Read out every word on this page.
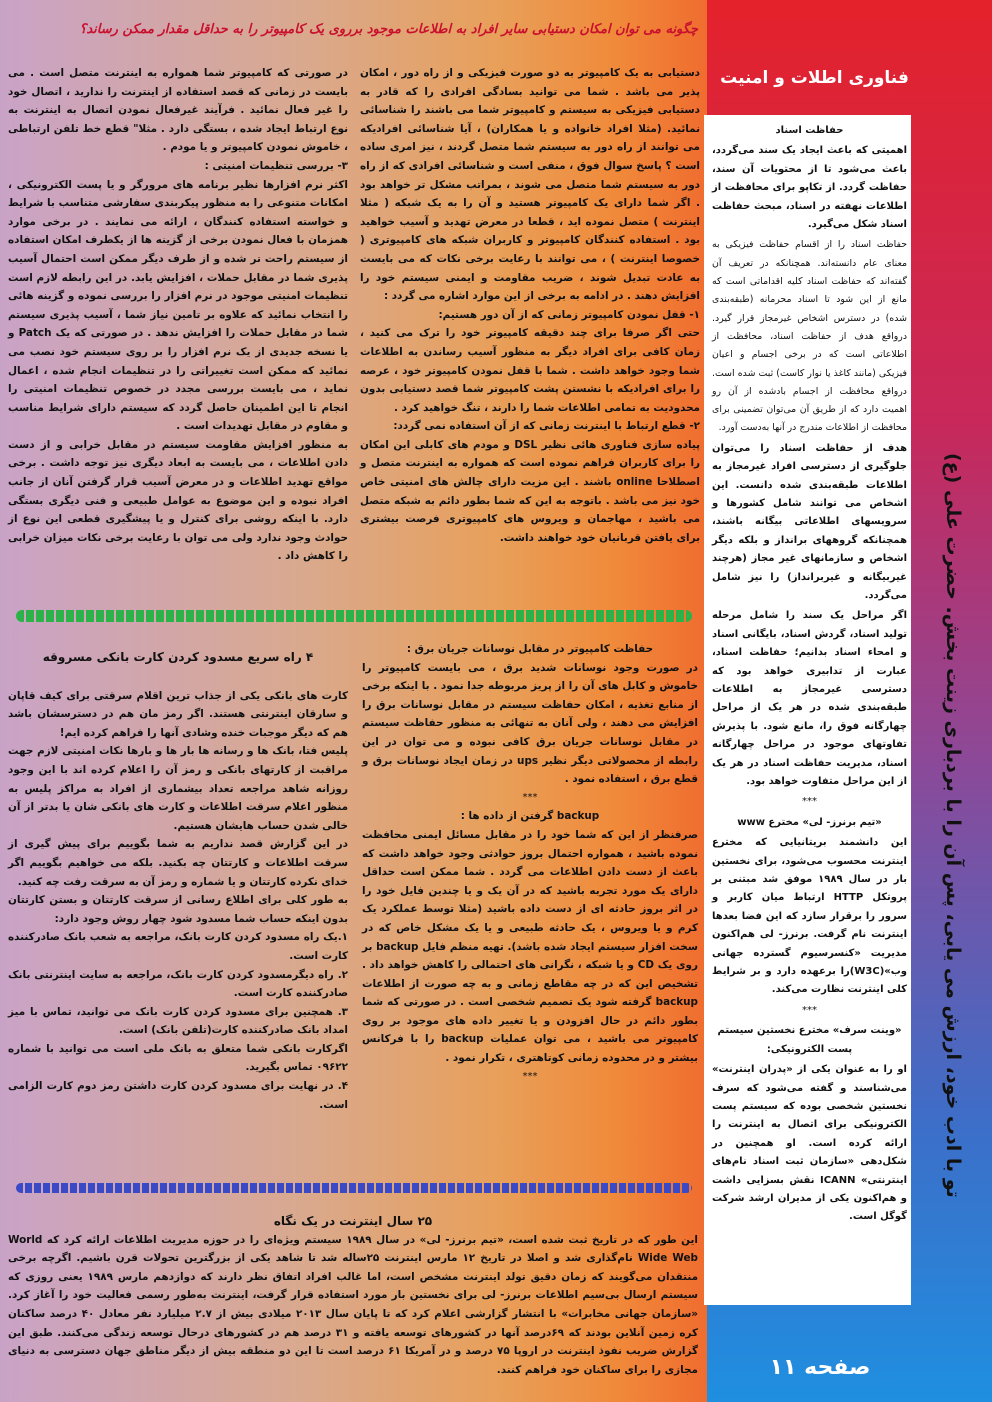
چگونه می توان امکان دستیابی سایر افراد به اطلاعات موجود برروی یک کامپیوتر را به حداقل مقدار ممکن رساند؟
فناوری اطلات و امنیت

حفاظت اسناد

اهمیتی که باعث ایجاد یک سند می‌گردد، باعث می‌شود تا از محتویات آن سند، حفاظت گردد. از تکاپو برای محافظت از اطلاعات نهفته در اسناد، مبحث حفاظت اسناد شکل می‌گیرد.

حفاظت اسناد را از اقسام حفاظت فیزیکی به معنای عام دانسته‌اند. همچنانکه در تعریف آن گفته‌اند که حفاظت اسناد کلیه اقداماتی است که مانع از این شود تا اسناد محرمانه (طبقه‌بندی شده) در دسترس اشخاص غیرمجاز قرار گیرد. درواقع هدف از حفاظت اسناد، محافظت از اطلاعاتی است که در برخی اجسام و اعیان فیزیکی (مانند کاغذ یا نوار کاست) ثبت شده است. درواقع محافظت از اجسام بادشده از آن رو اهمیت دارد که از طریق آن می‌توان تضمینی برای محافظت از اطلاعات مندرج در آنها به‌دست آورد.

هدف از حفاظت اسناد را می‌توان جلوگیری از دسترسی افراد غیرمجاز به اطلاعات طبقه‌بندی شده دانست. این اشخاص می توانند شامل کشورها و سرویسهای اطلاعاتی بیگانه باشند، همچنانکه گروههای برانداز و بلکه دیگر اشخاص و سازمانهای غیر مجاز (هرچند غیربیگانه و غیربرانداز) را نیز شامل می‌گردد.

اگر مراحل یک سند را شامل مرحله تولید اسناد، گردش اسناد، بایگانی اسناد و امحاء اسناد بدانیم؛ حفاظت اسناد، عبارت از تدابیری خواهد بود که دسترسی غیرمجاز به اطلاعات طبقه‌بندی شده در هر یک از مراحل چهارگانه فوق را، مانع شود. با پذیرش تفاوتهای موجود در مراحل چهارگانه اسناد، مدیریت حفاظت اسناد در هر یک از این مراحل متفاوت خواهد بود.

***

«تیم برنرز- لی» مخترع www

این دانشمند بریتانیایی که مخترع اینترنت محسوب می‌شود، برای نخستین بار در سال ۱۹۸۹ موفق شد مبتنی بر پروتکل HTTP ارتباط میان کاربر و سرور را برقرار سازد که این فضا بعدها اینترنت نام گرفت. برنرز- لی هم‌اکنون مدیریت «کنسرسیوم گسترده جهانی وب»(W3C)را برعهده دارد و بر شرایط کلی اینترنت نظارت می‌کند.

***

«وینت سرف» مخترع نخستین سیستم پست الکترونیکی:

او را به عنوان یکی از «پدران اینترنت» می‌شناسند و گفته می‌شود که سرف نخستین شخصی بوده که سیستم پست الکترونیکی برای اتصال به اینترنت را ارائه کرده است. او همچنین در شکل‌دهی «سازمان ثبت اسناد نام‌های اینترنتی» ICANN نقش بسزایی داشت و هم‌اکنون یکی از مدیران ارشد شرکت گوگل است.

تو با ادب خود، ارزش می یابی، پس آن را با بردباری زینت بخش. حضرت علی (ع)
صفحه ۱۱

دستیابی به یک کامپیوتر به دو صورت فیزیکی و از راه دور ، امکان پذیر می باشد . شما می توانید بسادگی افرادی را که قادر به دستیابی فیزیکی به سیستم و کامپیوتر شما می باشند را شناسائی نمائید. (مثلا افراد خانواده و یا همکاران) ، آیا شناسائی افرادیکه می توانند از راه دور به سیستم شما متصل گردند ، نیز امری ساده است ؟ پاسخ سوال فوق ، منفی است و شناسائی افرادی که از راه دور به سیستم شما متصل می شوند ، بمراتب مشکل تر خواهد بود . اگر شما دارای یک کامپیوتر هستید و آن را به یک شبکه ( مثلا اینترنت ) متصل نموده اید ، قطعا در معرض تهدید و آسیب خواهید بود . استفاده کنندگان کامپیوتر و کاربران شبکه های کامپیوتری ( خصوصا اینترنت ) ، می توانند با رعایت برخی نکات که می بایست به عادت تبدیل شوند ، ضریب مقاومت و ایمنی سیستم خود را افزایش دهند . در ادامه به برخی از این موارد اشاره می گردد :

۱- قفل نمودن کامپیوتر زمانی که از آن دور هستیم:

حتی اگر صرفا برای چند دقیقه کامپیوتر خود را ترک می کنید ، زمان کافی برای افراد دیگر به منظور آسیب رساندن به اطلاعات شما وجود خواهد داشت . شما با قفل نمودن کامپیوتر خود ، عرصه را برای افرادیکه با نشستن پشت کامپیوتر شما قصد دستیابی بدون محدودیت به تمامی اطلاعات شما را دارند ، تنگ خواهید کرد .

۲- قطع ارتباط با اینترنت زمانی که از آن استفاده نمی گردد:

پیاده سازی فناوری هائی نظیر DSL و مودم های کابلی این امکان را برای کاربران فراهم نموده است که همواره به اینترنت متصل و اصطلاحا online باشند . این مزیت دارای چالش های امنیتی خاص خود نیز می باشد . باتوجه به این که شما بطور دائم به شبکه متصل می باشید ، مهاجمان و ویروس های کامپیوتری فرصت بیشتری برای یافتن قربانیان خود خواهند داشت.

در صورتی که کامپیوتر شما همواره به اینترنت متصل است . می بایست در زمانی که قصد استفاده از اینترنت را ندارید ، اتصال خود را غیر فعال نمائید . فرآیند غیرفعال نمودن اتصال به اینترنت به نوع ارتباط ایجاد شده ، بستگی دارد . مثلا" قطع خط تلفن ارتباطی ، خاموش نمودن کامپیوتر و یا مودم .

۳- بررسی تنظیمات امنیتی :

اکثر نرم افزارها نظیر برنامه های مرورگر و یا پست الکترونیکی ، امکانات متنوعی را به منظور پیکربندی سفارشی متناسب با شرایط و خواسته استفاده کنندگان ، ارائه می نمایند . در برخی موارد همزمان با فعال نمودن برخی از گزینه ها از یکطرف امکان استفاده از سیستم راحت تر شده و از طرف دیگر ممکن است احتمال آسیب پذیری شما در مقابل حملات ، افزایش یابد. در این رابطه لازم است تنظیمات امنیتی موجود در نرم افزار را بررسی نموده و گزینه هائی را انتخاب نمائید که علاوه بر تامین نیاز شما ، آسیب پذیری سیستم شما در مقابل حملات را افزایش ندهد . در صورتی که یک Patch و یا نسخه جدیدی از یک نرم افزار را بر روی سیستم خود نصب می نمائید که ممکن است تغییراتی را در تنظیمات انجام شده ، اعمال نماید ، می بایست بررسی مجدد در خصوص تنظیمات امنیتی را انجام تا این اطمینان حاصل گردد که سیستم دارای شرایط مناسب و مقاوم در مقابل تهدیدات است .

به منظور افزایش مقاومت سیستم در مقابل خرابی و از دست دادن اطلاعات ، می بایست به ابعاد دیگری نیز توجه داشت . برخی مواقع تهدید اطلاعات و در معرض آسیب قرار گرفتن آنان از جانب افراد نبوده و این موضوع به عوامل طبیعی و فنی دیگری بستگی دارد. با اینکه روشی برای کنترل و یا پیشگیری قطعی این نوع از حوادث وجود ندارد ولی می توان با رعایت برخی نکات میزان خرابی را کاهش داد .

حفاظت کامپیوتر در مقابل نوسانات جریان برق :

در صورت وجود نوسانات شدید برق ، می بایست کامپیوتر را خاموش و کابل های آن را از پریز مربوطه جدا نمود . با اینکه برخی از منابع تغذیه ، امکان حفاظت سیستم در مقابل نوسانات برق را افزایش می دهند ، ولی آنان به تنهائی به منظور حفاظت سیستم در مقابل نوسانات جریان برق کافی نبوده و می توان در این رابطه از محصولاتی دیگر نظیر ups در زمان ایجاد نوسانات برق و قطع برق ، استفاده نمود .

***

backup گرفتن از داده ها :

صرفنظر از این که شما خود را در مقابل مسائل ایمنی محافظت نموده باشید ، همواره احتمال بروز حوادثی وجود خواهد داشت که باعث از دست دادن اطلاعات می گردد . شما ممکن است حداقل دارای یک مورد تجربه باشید که در آن یک و یا چندین فایل خود را در اثر بروز حادثه ای از دست داده باشید (مثلا توسط عملکرد یک کرم و یا ویروس ، یک حادثه طبیعی و یا یک مشکل خاص که در سخت افزار سیستم ایجاد شده باشد). تهیه منظم فایل backup بر روی یک CD و یا شبکه ، نگرانی های احتمالی را کاهش خواهد داد . تشخیص این که در چه مقاطع زمانی و به چه صورت از اطلاعات backup گرفته شود یک تصمیم شخصی است . در صورتی که شما بطور دائم در حال افزودن و یا تغییر داده های موجود بر روی کامپیوتر می باشید ، می توان عملیات backup را با فرکانس بیشتر و در محدوده زمانی کوتاهتری ، تکرار نمود .

***

۴ راه سریع مسدود کردن کارت بانکی مسروقه

کارت های بانکی یکی از جذاب ترین اقلام سرقتی برای کیف قاپان و سارقان اینترنتی هستند. اگر رمز مان هم در دسترسشان باشد هم که دیگر موجبات خنده وشادی آنها را فراهم کرده ایم!

پلیس فتا، بانک ها و رسانه ها بار ها و بارها نکات امنیتی لازم جهت مراقبت از کارتهای بانکی و رمز آن را اعلام کرده اند با این وجود روزانه شاهد مراجعه تعداد بیشماری از افراد به مراکز پلیس به منظور اعلام سرقت اطلاعات و کارت های بانکی شان یا بدتر از آن خالی شدن حساب هایشان هستیم.

در این گزارش قصد نداریم به شما بگوییم برای پیش گیری از سرقت اطلاعات و کارتتان چه بکنید. بلکه می خواهیم بگوییم اگر خدای نکرده کارتتان و یا شماره و رمز آن به سرقت رفت چه کنید.

به طور کلی برای اطلاع رسانی از سرقت کارتتان و بستن کارتتان بدون اینکه حساب شما مسدود شود چهار روش وجود دارد:

۱.یک راه مسدود کردن کارت بانک، مراجعه به شعب بانک صادرکننده کارت است.

۲. راه دیگرمسدود کردن کارت بانک، مراجعه به سایت اینترنتی بانک صادرکننده کارت است.

۳. همچنین برای مسدود کردن کارت بانک می توانید، تماس با میز امداد بانک صادرکننده کارت(تلفن بانک) است.

اگرکارت بانکی شما متعلق به بانک ملی است می توانید با شماره ۰۹۶۲۲ تماس بگیرید.

۴. در نهایت برای مسدود کردن کارت داشتن رمز دوم کارت الزامی است.

۲۵ سال اینترنت در یک نگاه

این طور که در تاریخ ثبت شده است، «تیم برنرز- لی» در سال ۱۹۸۹ سیستم ویژه‌ای را در حوزه مدیریت اطلاعات ارائه کرد که World Wide Web نام‌گذاری شد و اصلا در تاریخ ۱۲ مارس اینترنت ۲۵ساله شد تا شاهد یکی از بزرگترین تحولات قرن باشیم. اگرچه برخی منتقدان می‌گویند که زمان دقیق تولد اینترنت مشخص است، اما غالب افراد اتفاق نظر دارند که دوازدهم مارس ۱۹۸۹ یعنی روزی که سیستم ارسال بی‌سیم اطلاعات برنرز- لی برای نخستین بار مورد استفاده قرار گرفت، اینترنت به‌طور رسمی فعالیت خود را آغاز کرد. «سازمان جهانی مخابرات» با انتشار گزارشی اعلام کرد که تا پایان سال ۲۰۱۳ میلادی بیش از ۲.۷ میلیارد نفر معادل ۴۰ درصد ساکنان کره زمین آنلاین بودند که ۶۹درصد آنها در کشورهای توسعه یافته و ۳۱ درصد هم در کشورهای درحال توسعه زندگی می‌کنند. طبق این گزارش ضریب نفوذ اینترنت در اروپا ۷۵ درصد و در آمریکا ۶۱ درصد است تا این دو منطقه بیش از دیگر مناطق جهان دسترسی به دنیای مجازی را برای ساکنان خود فراهم کنند.
